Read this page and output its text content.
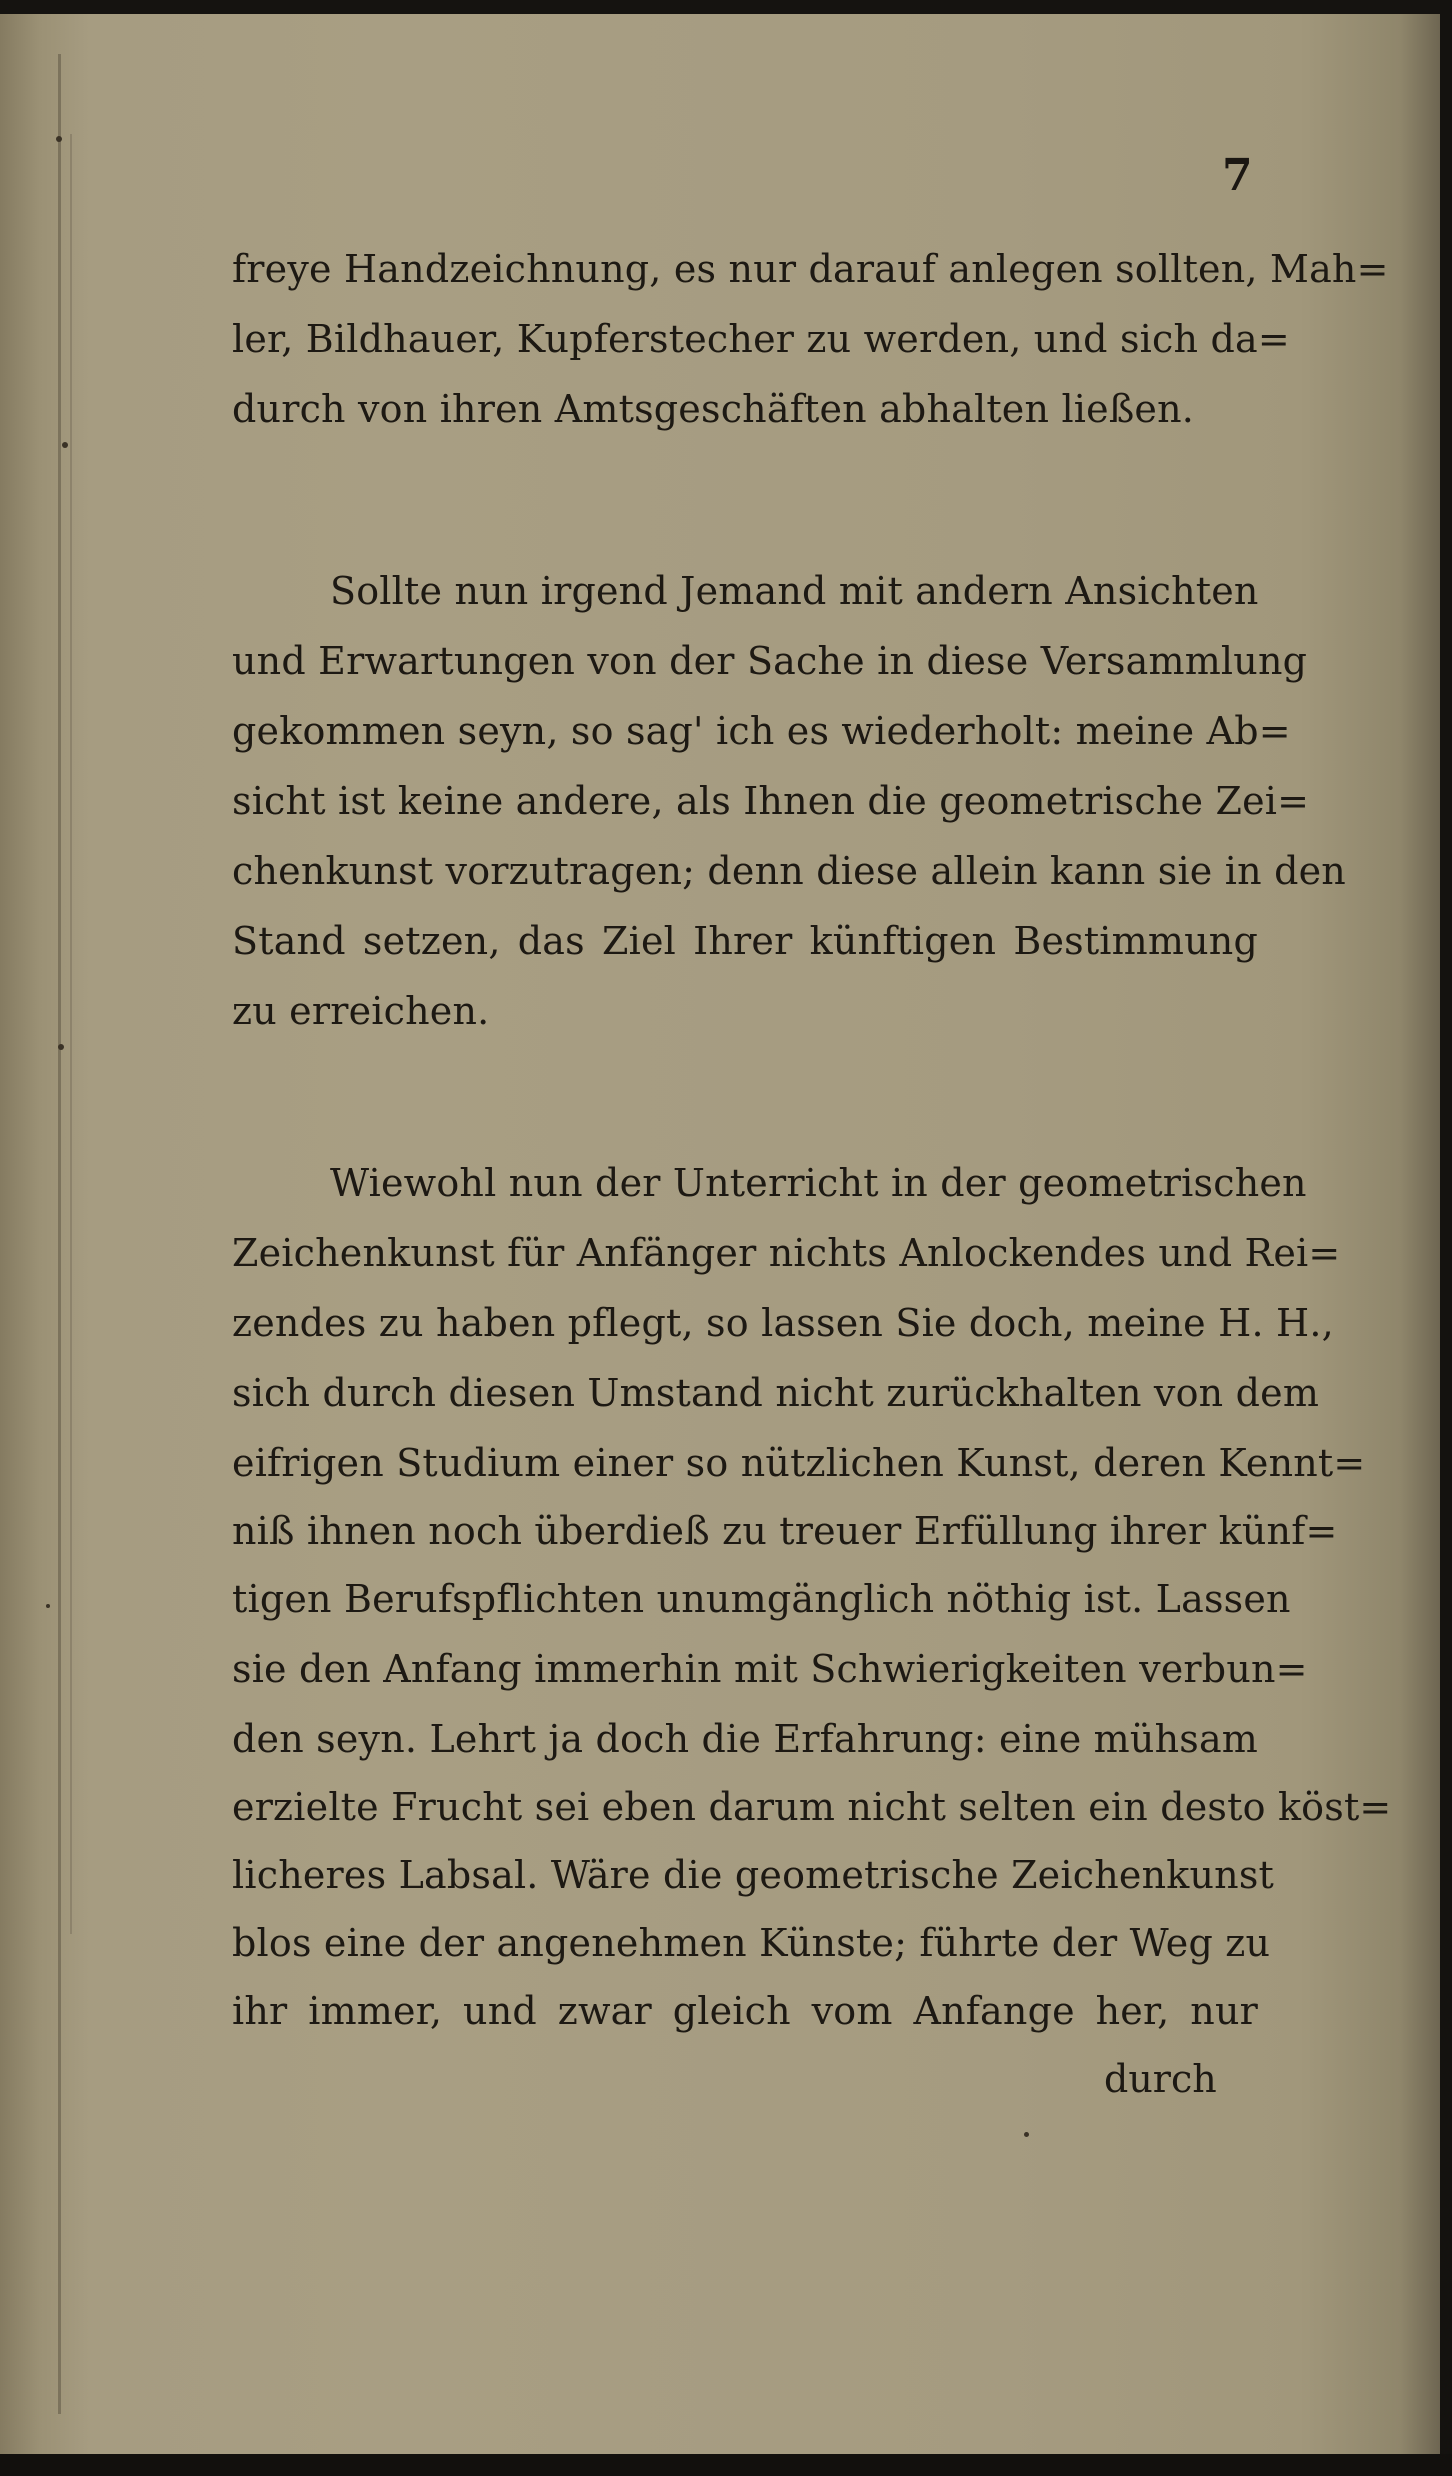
7
freye Handzeichnung, es nur darauf anlegen sollten, Mah=
ler, Bildhauer, Kupferstecher zu werden, und sich da=
durch von ihren Amtsgeschäften abhalten ließen.
Sollte nun irgend Jemand mit andern Ansichten
und Erwartungen von der Sache in diese Versammlung
gekommen seyn, so sag' ich es wiederholt: meine Ab=
sicht ist keine andere, als Ihnen die geometrische Zei=
chenkunst vorzutragen; denn diese allein kann sie in den
Stand setzen, das Ziel Ihrer künftigen Bestimmung
zu erreichen.
Wiewohl nun der Unterricht in der geometrischen
Zeichenkunst für Anfänger nichts Anlockendes und Rei=
zendes zu haben pflegt, so lassen Sie doch, meine H. H.,
sich durch diesen Umstand nicht zurückhalten von dem
eifrigen Studium einer so nützlichen Kunst, deren Kennt=
niß ihnen noch überdieß zu treuer Erfüllung ihrer künf=
tigen Berufspflichten unumgänglich nöthig ist. Lassen
sie den Anfang immerhin mit Schwierigkeiten verbun=
den seyn. Lehrt ja doch die Erfahrung: eine mühsam
erzielte Frucht sei eben darum nicht selten ein desto köst=
licheres Labsal. Wäre die geometrische Zeichenkunst
blos eine der angenehmen Künste; führte der Weg zu
ihr immer, und zwar gleich vom Anfange her, nur
durch
